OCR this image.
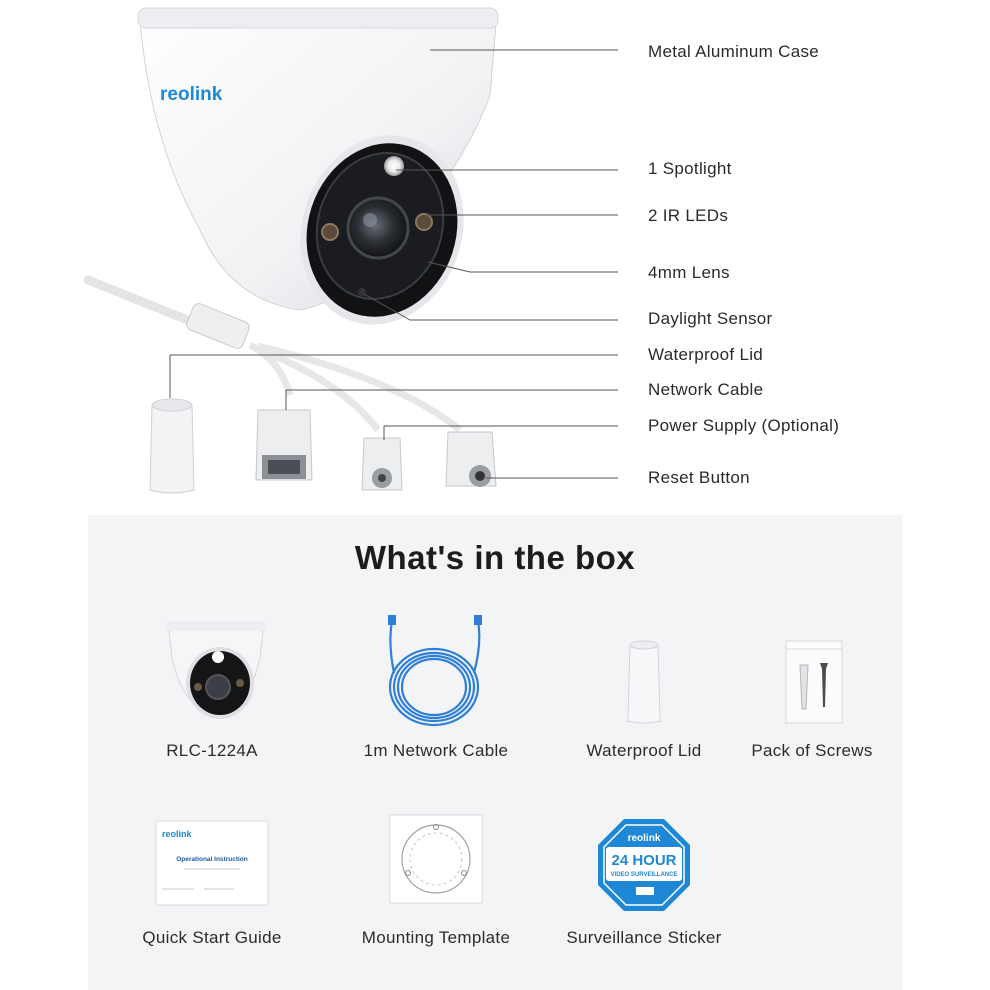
reolink
Metal Aluminum Case
1 Spotlight
2 IR LEDs
4mm Lens
Daylight Sensor
Waterproof Lid
Network Cable
Power Supply (Optional)
Reset Button
What's in the box
RLC-1224A	1m Network Cable	Waterproof Lid	Pack of Screws
reolink
Operational Instruction
Quick Start Guide	Mounting Template
reolink
24 HOUR
VIDEO SURVEILLANCE
Surveillance Sticker
